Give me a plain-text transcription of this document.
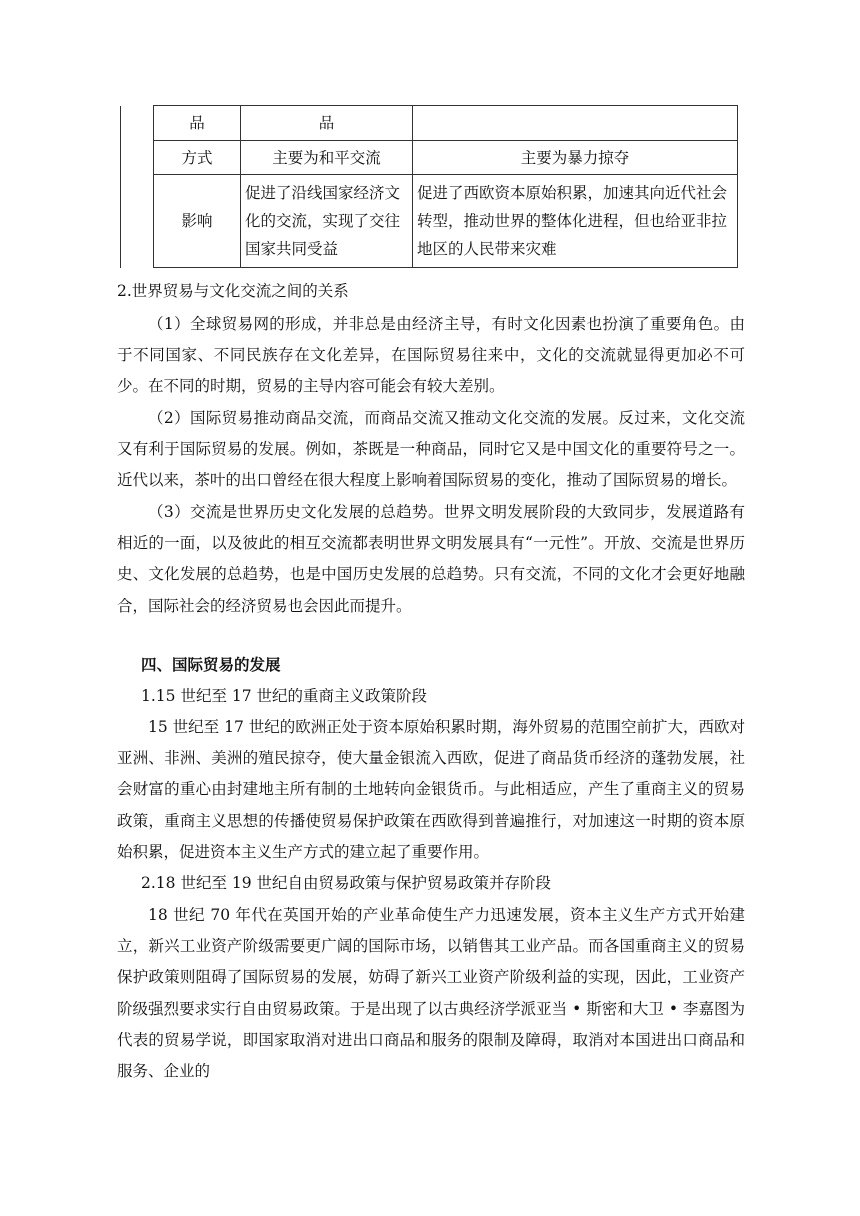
	品	品	
	方式	主要为和平交流	主要为暴力掠夺
	影响	促进了沿线国家经济文化的交流，实现了交往国家共同受益	促进了西欧资本原始积累，加速其向近代社会转型，推动世界的整体化进程，但也给亚非拉地区的人民带来灾难

2.世界贸易与文化交流之间的关系

（1）全球贸易网的形成，并非总是由经济主导，有时文化因素也扮演了重要角色。由于不同国家、不同民族存在文化差异，在国际贸易往来中，文化的交流就显得更加必不可少。在不同的时期，贸易的主导内容可能会有较大差别。

（2）国际贸易推动商品交流，而商品交流又推动文化交流的发展。反过来，文化交流又有利于国际贸易的发展。例如，茶既是一种商品，同时它又是中国文化的重要符号之一。近代以来，茶叶的出口曾经在很大程度上影响着国际贸易的变化，推动了国际贸易的增长。

（3）交流是世界历史文化发展的总趋势。世界文明发展阶段的大致同步，发展道路有相近的一面，以及彼此的相互交流都表明世界文明发展具有“一元性”。开放、交流是世界历史、文化发展的总趋势，也是中国历史发展的总趋势。只有交流，不同的文化才会更好地融合，国际社会的经济贸易也会因此而提升。

四、国际贸易的发展

1.15 世纪至 17 世纪的重商主义政策阶段

15 世纪至 17 世纪的欧洲正处于资本原始积累时期，海外贸易的范围空前扩大，西欧对亚洲、非洲、美洲的殖民掠夺，使大量金银流入西欧，促进了商品货币经济的蓬勃发展，社会财富的重心由封建地主所有制的土地转向金银货币。与此相适应，产生了重商主义的贸易政策，重商主义思想的传播使贸易保护政策在西欧得到普遍推行，对加速这一时期的资本原始积累，促进资本主义生产方式的建立起了重要作用。

2.18 世纪至 19 世纪自由贸易政策与保护贸易政策并存阶段

18 世纪 70 年代在英国开始的产业革命使生产力迅速发展，资本主义生产方式开始建立，新兴工业资产阶级需要更广阔的国际市场，以销售其工业产品。而各国重商主义的贸易保护政策则阻碍了国际贸易的发展，妨碍了新兴工业资产阶级利益的实现，因此，工业资产阶级强烈要求实行自由贸易政策。于是出现了以古典经济学派亚当 • 斯密和大卫 • 李嘉图为代表的贸易学说，即国家取消对进出口商品和服务的限制及障碍，取消对本国进出口商品和服务、企业的
